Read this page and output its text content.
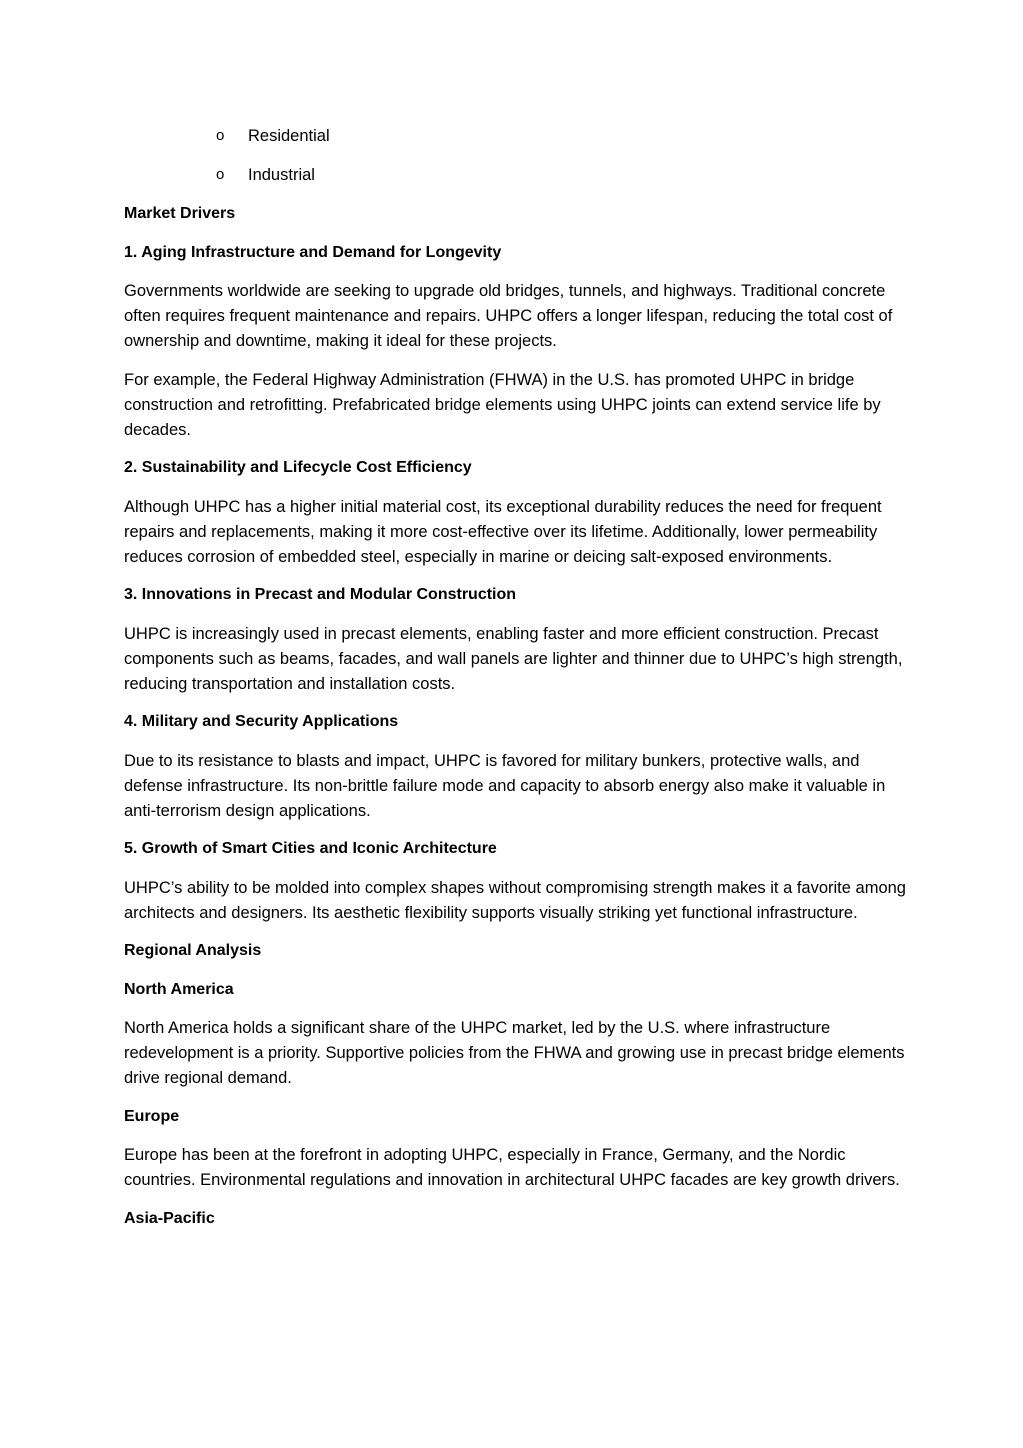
o Residential
o Industrial
Market Drivers
1. Aging Infrastructure and Demand for Longevity

Governments worldwide are seeking to upgrade old bridges, tunnels, and highways. Traditional concrete often requires frequent maintenance and repairs. UHPC offers a longer lifespan, reducing the total cost of ownership and downtime, making it ideal for these projects.

For example, the Federal Highway Administration (FHWA) in the U.S. has promoted UHPC in bridge construction and retrofitting. Prefabricated bridge elements using UHPC joints can extend service life by decades.

2. Sustainability and Lifecycle Cost Efficiency

Although UHPC has a higher initial material cost, its exceptional durability reduces the need for frequent repairs and replacements, making it more cost-effective over its lifetime. Additionally, lower permeability reduces corrosion of embedded steel, especially in marine or deicing salt-exposed environments.

3. Innovations in Precast and Modular Construction

UHPC is increasingly used in precast elements, enabling faster and more efficient construction. Precast components such as beams, facades, and wall panels are lighter and thinner due to UHPC’s high strength, reducing transportation and installation costs.

4. Military and Security Applications

Due to its resistance to blasts and impact, UHPC is favored for military bunkers, protective walls, and defense infrastructure. Its non-brittle failure mode and capacity to absorb energy also make it valuable in anti-terrorism design applications.

5. Growth of Smart Cities and Iconic Architecture

UHPC’s ability to be molded into complex shapes without compromising strength makes it a favorite among architects and designers. Its aesthetic flexibility supports visually striking yet functional infrastructure.

Regional Analysis
North America

North America holds a significant share of the UHPC market, led by the U.S. where infrastructure redevelopment is a priority. Supportive policies from the FHWA and growing use in precast bridge elements drive regional demand.

Europe

Europe has been at the forefront in adopting UHPC, especially in France, Germany, and the Nordic countries. Environmental regulations and innovation in architectural UHPC facades are key growth drivers.

Asia-Pacific
